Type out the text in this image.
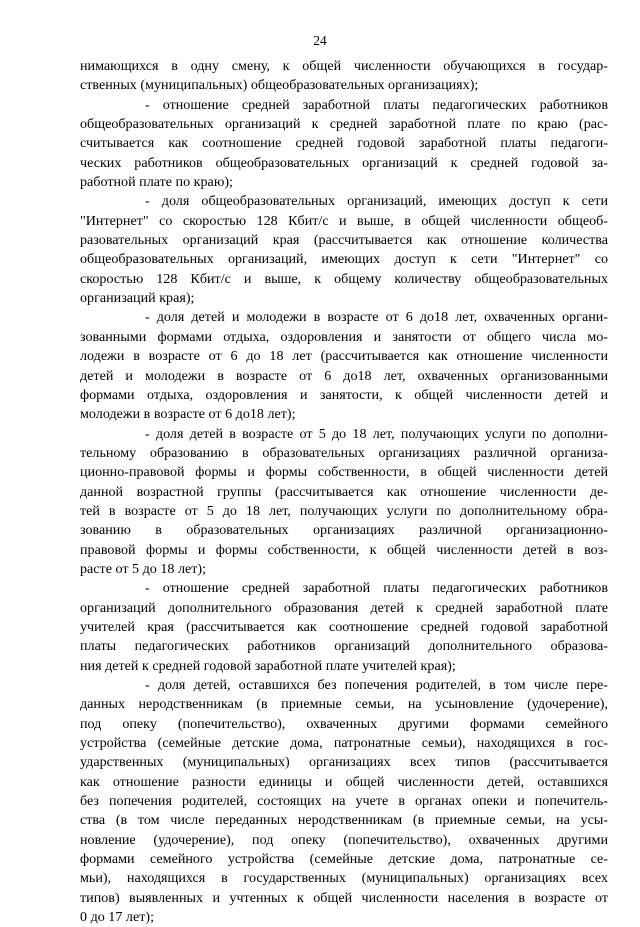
24
нимающихся в одну смену, к общей численности обучающихся в государ-
ственных (муниципальных) общеобразовательных организациях);
- отношение средней заработной платы педагогических работников
общеобразовательных организаций к средней заработной плате по краю (рас-
считывается как соотношение средней годовой заработной платы педагоги-
ческих работников общеобразовательных организаций к средней годовой за-
работной плате по краю);
- доля общеобразовательных организаций, имеющих доступ к сети
"Интернет" со скоростью 128 Кбит/с и выше, в общей численности общеоб-
разовательных организаций края (рассчитывается как отношение количества
общеобразовательных организаций, имеющих доступ к сети "Интернет" со
скоростью 128 Кбит/с и выше, к общему количеству общеобразовательных
организаций края);
- доля детей и молодежи в возрасте от 6 до18 лет, охваченных органи-
зованными формами отдыха, оздоровления и занятости от общего числа мо-
лодежи в возрасте от 6 до 18 лет (рассчитывается как отношение численности
детей и молодежи в возрасте от 6 до18 лет, охваченных организованными
формами отдыха, оздоровления и занятости, к общей численности детей и
молодежи в возрасте от 6 до18 лет);
- доля детей в возрасте от 5 до 18 лет, получающих услуги по дополни-
тельному образованию в образовательных организациях различной организа-
ционно-правовой формы и формы собственности, в общей численности детей
данной возрастной группы (рассчитывается как отношение численности де-
тей в возрасте от 5 до 18 лет, получающих услуги по дополнительному обра-
зованию в образовательных организациях различной организационно-
правовой формы и формы собственности, к общей численности детей в воз-
расте от 5 до 18 лет);
- отношение средней заработной платы педагогических работников
организаций дополнительного образования детей к средней заработной плате
учителей края (рассчитывается как соотношение средней годовой заработной
платы педагогических работников организаций дополнительного образова-
ния детей к средней годовой заработной плате учителей края);
- доля детей, оставшихся без попечения родителей, в том числе пере-
данных неродственникам (в приемные семьи, на усыновление (удочерение),
под опеку (попечительство), охваченных другими формами семейного
устройства (семейные детские дома, патронатные семьи), находящихся в гос-
ударственных (муниципальных) организациях всех типов (рассчитывается
как отношение разности единицы и общей численности детей, оставшихся
без попечения родителей, состоящих на учете в органах опеки и попечитель-
ства (в том числе переданных неродственникам (в приемные семьи, на усы-
новление (удочерение), под опеку (попечительство), охваченных другими
формами семейного устройства (семейные детские дома, патронатные се-
мьи), находящихся в государственных (муниципальных) организациях всех
типов) выявленных и учтенных к общей численности населения в возрасте от
0 до 17 лет);
